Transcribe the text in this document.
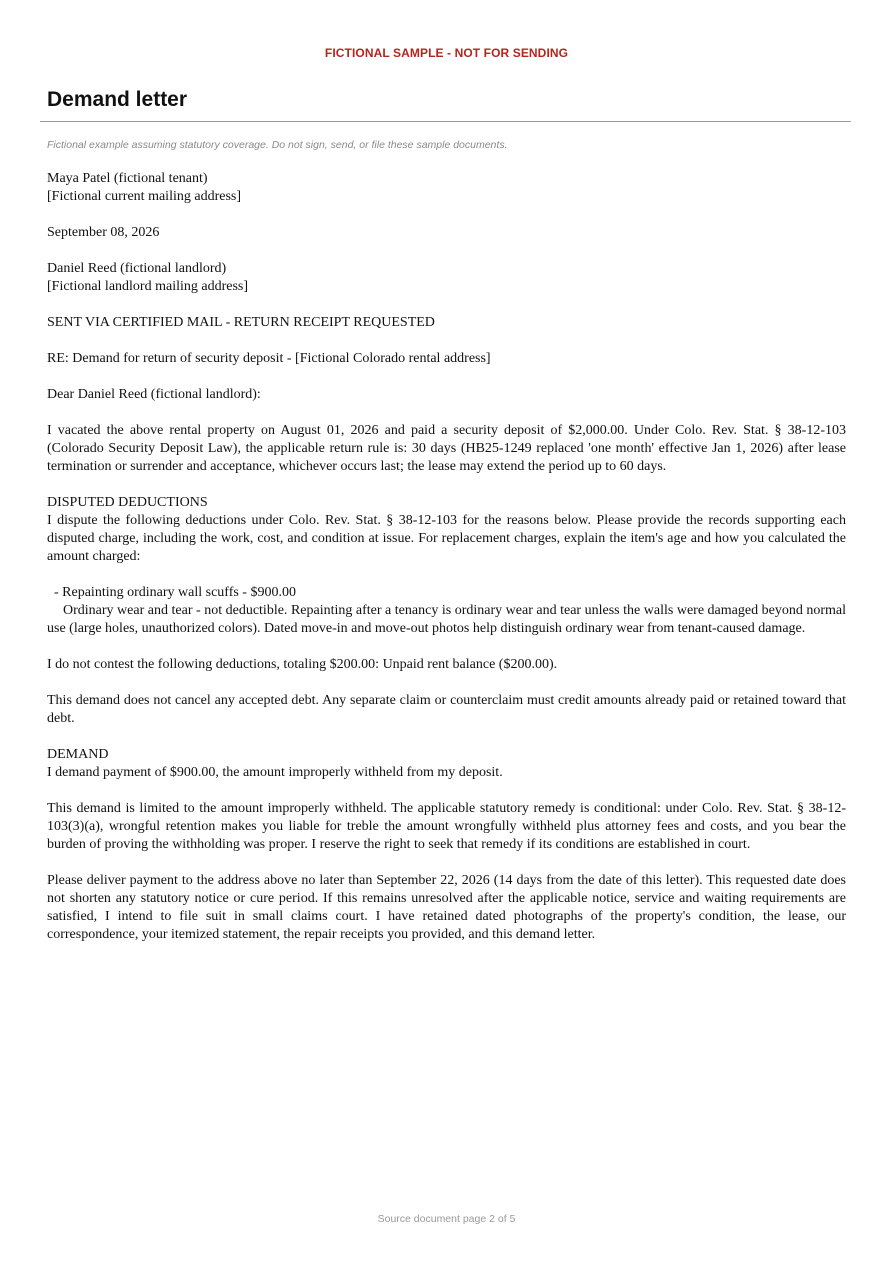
FICTIONAL SAMPLE - NOT FOR SENDING
Demand letter
Fictional example assuming statutory coverage. Do not sign, send, or file these sample documents.

Maya Patel (fictional tenant)
[Fictional current mailing address]

September 08, 2026

Daniel Reed (fictional landlord)
[Fictional landlord mailing address]

SENT VIA CERTIFIED MAIL - RETURN RECEIPT REQUESTED

RE: Demand for return of security deposit - [Fictional Colorado rental address]

Dear Daniel Reed (fictional landlord):

I vacated the above rental property on August 01, 2026 and paid a security deposit of $2,000.00. Under Colo. Rev. Stat. § 38-12-103 (Colorado Security Deposit Law), the applicable return rule is: 30 days (HB25-1249 replaced 'one month' effective Jan 1, 2026) after lease termination or surrender and acceptance, whichever occurs last; the lease may extend the period up to 60 days.

DISPUTED DEDUCTIONS

I dispute the following deductions under Colo. Rev. Stat. § 38-12-103 for the reasons below. Please provide the records supporting each disputed charge, including the work, cost, and condition at issue. For replacement charges, explain the item's age and how you calculated the amount charged:

- Repainting ordinary wall scuffs - $900.00

Ordinary wear and tear - not deductible. Repainting after a tenancy is ordinary wear and tear unless the walls were damaged beyond normal use (large holes, unauthorized colors). Dated move-in and move-out photos help distinguish ordinary wear from tenant-caused damage.

I do not contest the following deductions, totaling $200.00: Unpaid rent balance ($200.00).

This demand does not cancel any accepted debt. Any separate claim or counterclaim must credit amounts already paid or retained toward that debt.

DEMAND

I demand payment of $900.00, the amount improperly withheld from my deposit.

This demand is limited to the amount improperly withheld. The applicable statutory remedy is conditional: under Colo. Rev. Stat. § 38-12-103(3)(a), wrongful retention makes you liable for treble the amount wrongfully withheld plus attorney fees and costs, and you bear the burden of proving the withholding was proper. I reserve the right to seek that remedy if its conditions are established in court.

Please deliver payment to the address above no later than September 22, 2026 (14 days from the date of this letter). This requested date does not shorten any statutory notice or cure period. If this remains unresolved after the applicable notice, service and waiting requirements are satisfied, I intend to file suit in small claims court. I have retained dated photographs of the property's condition, the lease, our correspondence, your itemized statement, the repair receipts you provided, and this demand letter.

Source document page 2 of 5
